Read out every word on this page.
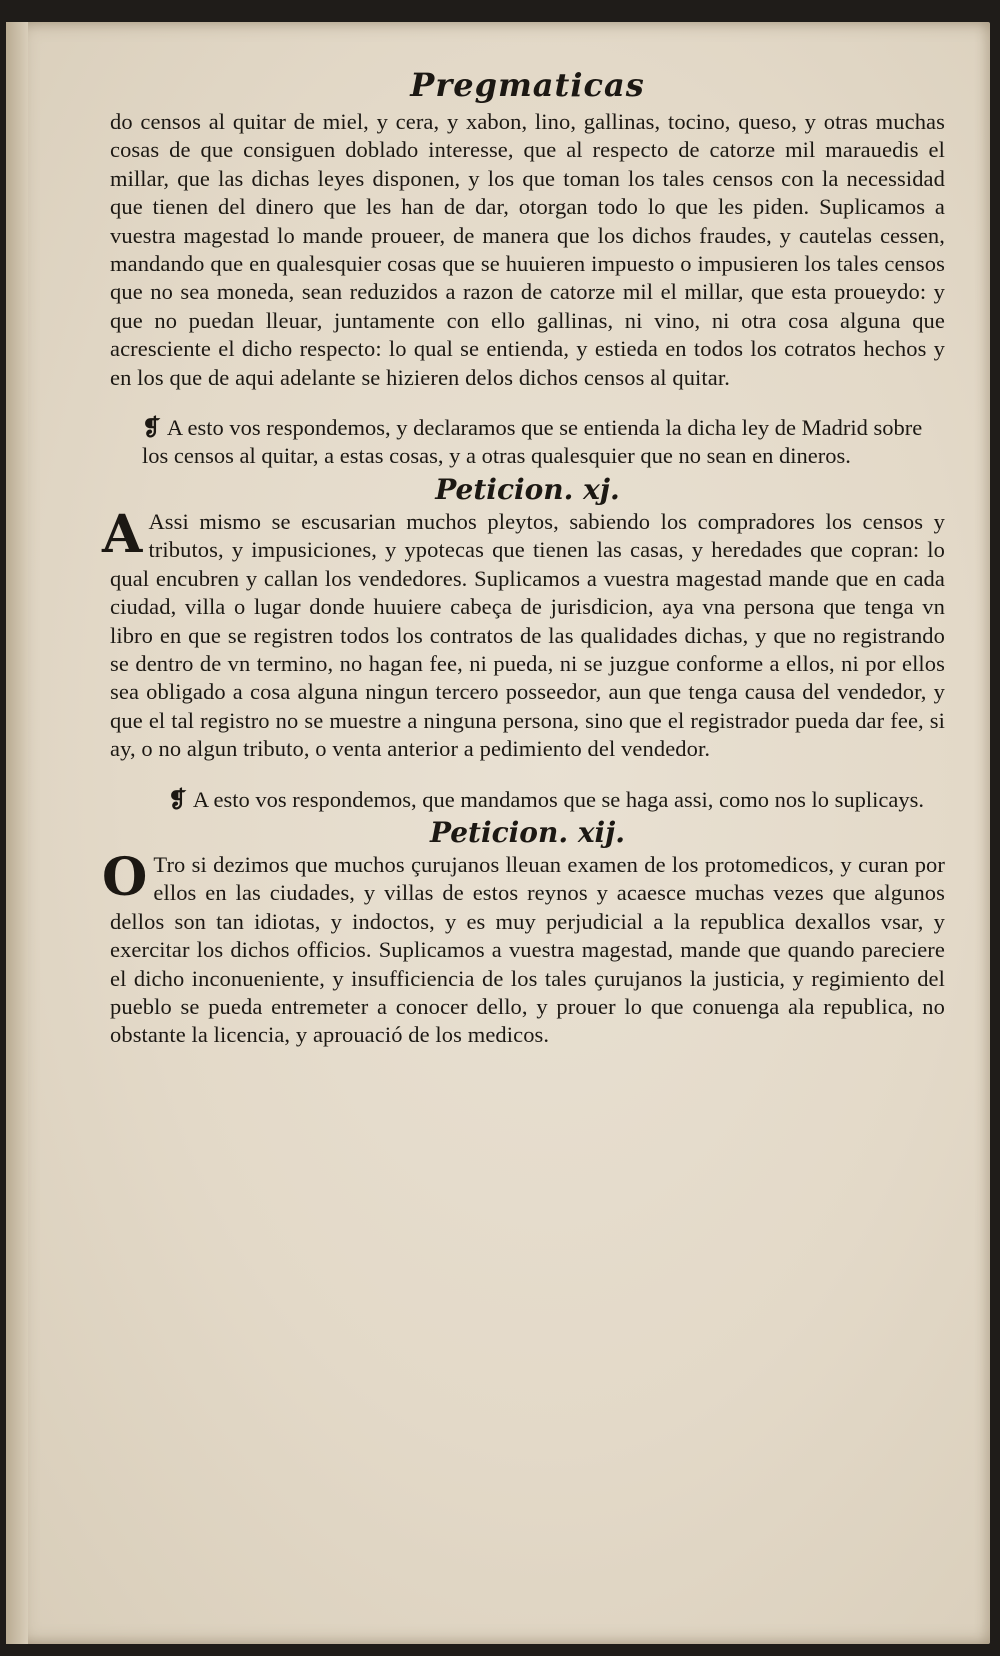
Pregmaticas

do censos al quitar de miel, y cera, y xabon, lino, gallinas, tocino, queso, y otras muchas cosas de que consiguen doblado interesse, que al respecto de catorze mil marauedis el millar, que las dichas leyes disponen, y los que toman los tales censos con la necessidad que tienen del dinero que les han de dar, otorgan todo lo que les piden. Suplicamos a vuestra magestad lo mande proueer, de manera que los dichos fraudes, y cautelas cessen, mandando que en qualesquier cosas que se huuieren impuesto o impusieren los tales censos que no sea moneda, sean reduzidos a razon de catorze mil el millar, que esta proueydo: y que no puedan lleuar, juntamente con ello gallinas, ni vino, ni otra cosa alguna que acresciente el dicho respecto: lo qual se entienda, y estieda en todos los cotratos hechos y en los que de aqui adelante se hizieren delos dichos censos al quitar.

❡ A esto vos respondemos, y declaramos que se entienda la dicha ley de Madrid sobre los censos al quitar, a estas cosas, y a otras qualesquier que no sean en dineros.

Peticion. xj.

A Assi mismo se escusarian muchos pleytos, sabiendo los compradores los censos y tributos, y impusiciones, y ypotecas que tienen las casas, y heredades que copran: lo qual encubren y callan los vendedores. Suplicamos a vuestra magestad mande que en cada ciudad, villa o lugar donde huuiere cabeça de jurisdicion, aya vna persona que tenga vn libro en que se registren todos los contratos de las qualidades dichas, y que no registrando se dentro de vn termino, no hagan fee, ni pueda, ni se juzgue conforme a ellos, ni por ellos sea obligado a cosa alguna ningun tercero posseedor, aun que tenga causa del vendedor, y que el tal registro no se muestre a ninguna persona, sino que el registrador pueda dar fee, si ay, o no algun tributo, o venta anterior a pedimiento del vendedor.

❡ A esto vos respondemos, que mandamos que se haga assi, como nos lo suplicays.

Peticion. xij.

O Tro si dezimos que muchos çurujanos lleuan examen de los protomedicos, y curan por ellos en las ciudades, y villas de estos reynos y acaesce muchas vezes que algunos dellos son tan idiotas, y indoctos, y es muy perjudicial a la republica dexallos vsar, y exercitar los dichos officios. Suplicamos a vuestra magestad, mande que quando pareciere el dicho inconueniente, y insufficiencia de los tales çurujanos la justicia, y regimiento del pueblo se pueda entremeter a conocer dello, y prouer lo que conuenga ala republica, no obstante la licencia, y aprouació de los medicos.
